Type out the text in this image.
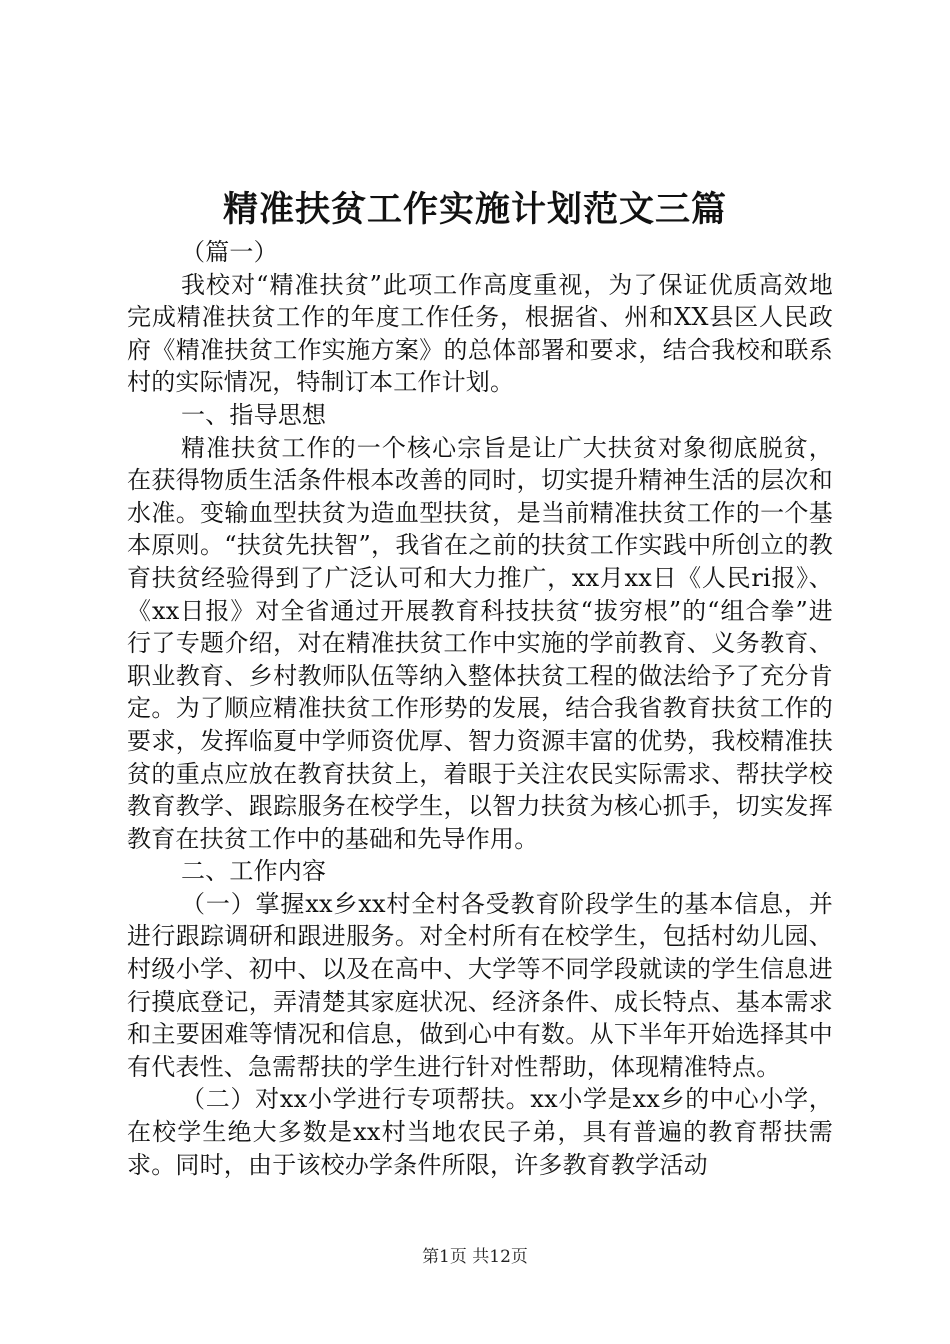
精准扶贫工作实施计划范文三篇

（篇一）

我校对“精准扶贫”此项工作高度重视，为了保证优质高效地完成精准扶贫工作的年度工作任务，根据省、州和XX县区人民政府《精准扶贫工作实施方案》的总体部署和要求，结合我校和联系村的实际情况，特制订本工作计划。

一、指导思想

精准扶贫工作的一个核心宗旨是让广大扶贫对象彻底脱贫，在获得物质生活条件根本改善的同时，切实提升精神生活的层次和水准。变输血型扶贫为造血型扶贫，是当前精准扶贫工作的一个基本原则。“扶贫先扶智”，我省在之前的扶贫工作实践中所创立的教育扶贫经验得到了广泛认可和大力推广，xx月xx日《人民ri报》、《xx日报》对全省通过开展教育科技扶贫“拔穷根”的“组合拳”进行了专题介绍，对在精准扶贫工作中实施的学前教育、义务教育、职业教育、乡村教师队伍等纳入整体扶贫工程的做法给予了充分肯定。为了顺应精准扶贫工作形势的发展，结合我省教育扶贫工作的要求，发挥临夏中学师资优厚、智力资源丰富的优势，我校精准扶贫的重点应放在教育扶贫上，着眼于关注农民实际需求、帮扶学校教育教学、跟踪服务在校学生，以智力扶贫为核心抓手，切实发挥教育在扶贫工作中的基础和先导作用。

二、工作内容

（一）掌握xx乡xx村全村各受教育阶段学生的基本信息，并进行跟踪调研和跟进服务。对全村所有在校学生，包括村幼儿园、村级小学、初中、以及在高中、大学等不同学段就读的学生信息进行摸底登记，弄清楚其家庭状况、经济条件、成长特点、基本需求和主要困难等情况和信息，做到心中有数。从下半年开始选择其中有代表性、急需帮扶的学生进行针对性帮助，体现精准特点。

（二）对xx小学进行专项帮扶。xx小学是xx乡的中心小学，在校学生绝大多数是xx村当地农民子弟，具有普遍的教育帮扶需求。同时，由于该校办学条件所限，许多教育教学活动

第1页 共12页
